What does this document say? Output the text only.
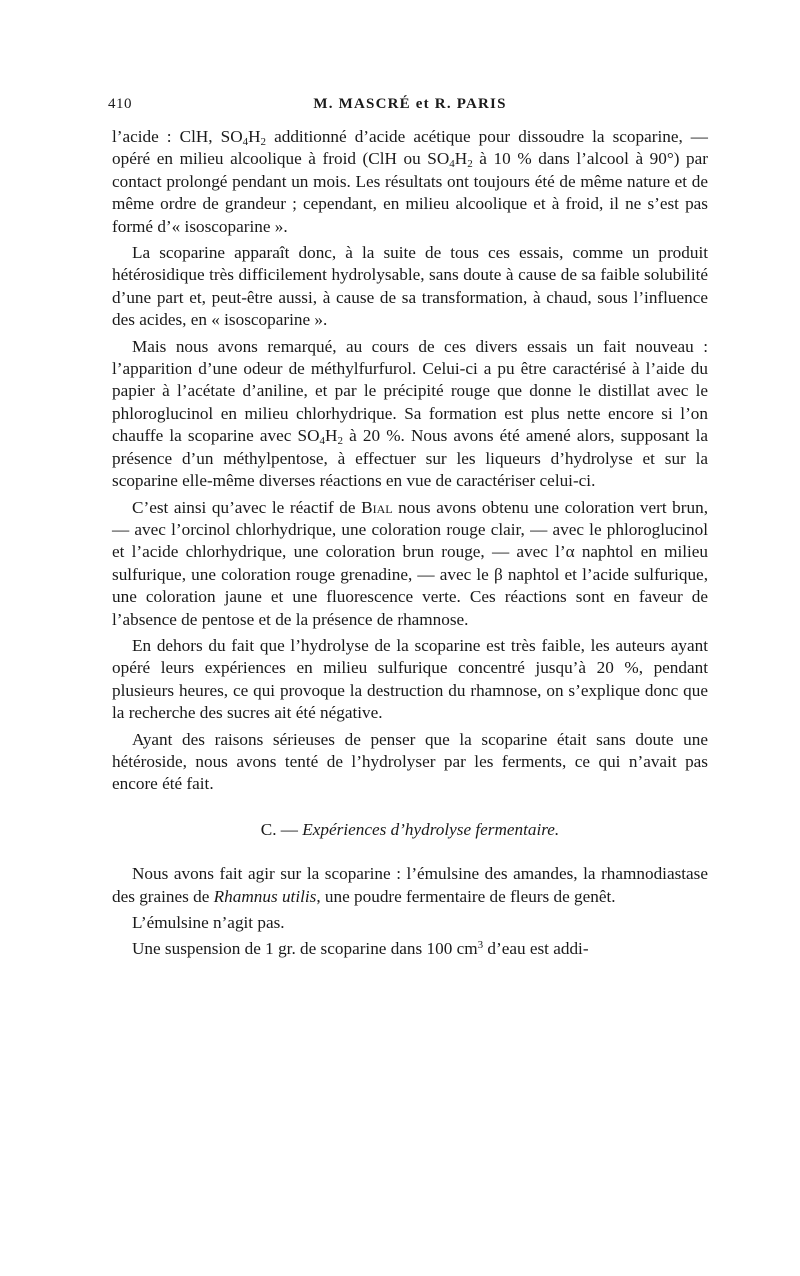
410	M. MASCRÉ et R. PARIS

l’acide : ClH, $SO_4H_2$ additionné d’acide acétique pour dissoudre la scoparine, — opéré en milieu alcoolique à froid (ClH ou $SO_4H_2$ à 10 % dans l’alcool à 90°) par contact prolongé pendant un mois. Les résultats ont toujours été de même nature et de même ordre de grandeur ; cependant, en milieu alcoolique et à froid, il ne s’est pas formé d’« isoscoparine ».

La scoparine apparaît donc, à la suite de tous ces essais, comme un produit hétérosidique très difficilement hydrolysable, sans doute à cause de sa faible solubilité d’une part et, peut-être aussi, à cause de sa transformation, à chaud, sous l’influence des acides, en « isoscoparine ».

Mais nous avons remarqué, au cours de ces divers essais un fait nouveau : l’apparition d’une odeur de méthylfurfurol. Celui-ci a pu être caractérisé à l’aide du papier à l’acétate d’aniline, et par le précipité rouge que donne le distillat avec le phloroglucinol en milieu chlorhydrique. Sa formation est plus nette encore si l’on chauffe la scoparine avec $SO_4H_2$ à 20 %. Nous avons été amené alors, supposant la présence d’un méthylpentose, à effectuer sur les liqueurs d’hydrolyse et sur la scoparine elle-même diverses réactions en vue de caractériser celui-ci.

C’est ainsi qu’avec le réactif de Bial nous avons obtenu une coloration vert brun, — avec l’orcinol chlorhydrique, une coloration rouge clair, — avec le phloroglucinol et l’acide chlorhydrique, une coloration brun rouge, — avec l’α naphtol en milieu sulfurique, une coloration rouge grenadine, — avec le β naphtol et l’acide sulfurique, une coloration jaune et une fluorescence verte. Ces réactions sont en faveur de l’absence de pentose et de la présence de rhamnose.

En dehors du fait que l’hydrolyse de la scoparine est très faible, les auteurs ayant opéré leurs expériences en milieu sulfurique concentré jusqu’à 20 %, pendant plusieurs heures, ce qui provoque la destruction du rhamnose, on s’explique donc que la recherche des sucres ait été négative.

Ayant des raisons sérieuses de penser que la scoparine était sans doute une hétéroside, nous avons tenté de l’hydrolyser par les ferments, ce qui n’avait pas encore été fait.

C. — Expériences d’hydrolyse fermentaire.

Nous avons fait agir sur la scoparine : l’émulsine des amandes, la rhamnodiastase des graines de Rhamnus utilis, une poudre fermentaire de fleurs de genêt.

L’émulsine n’agit pas.

Une suspension de 1 gr. de scoparine dans 100 $cm^3$ d’eau est addi-
